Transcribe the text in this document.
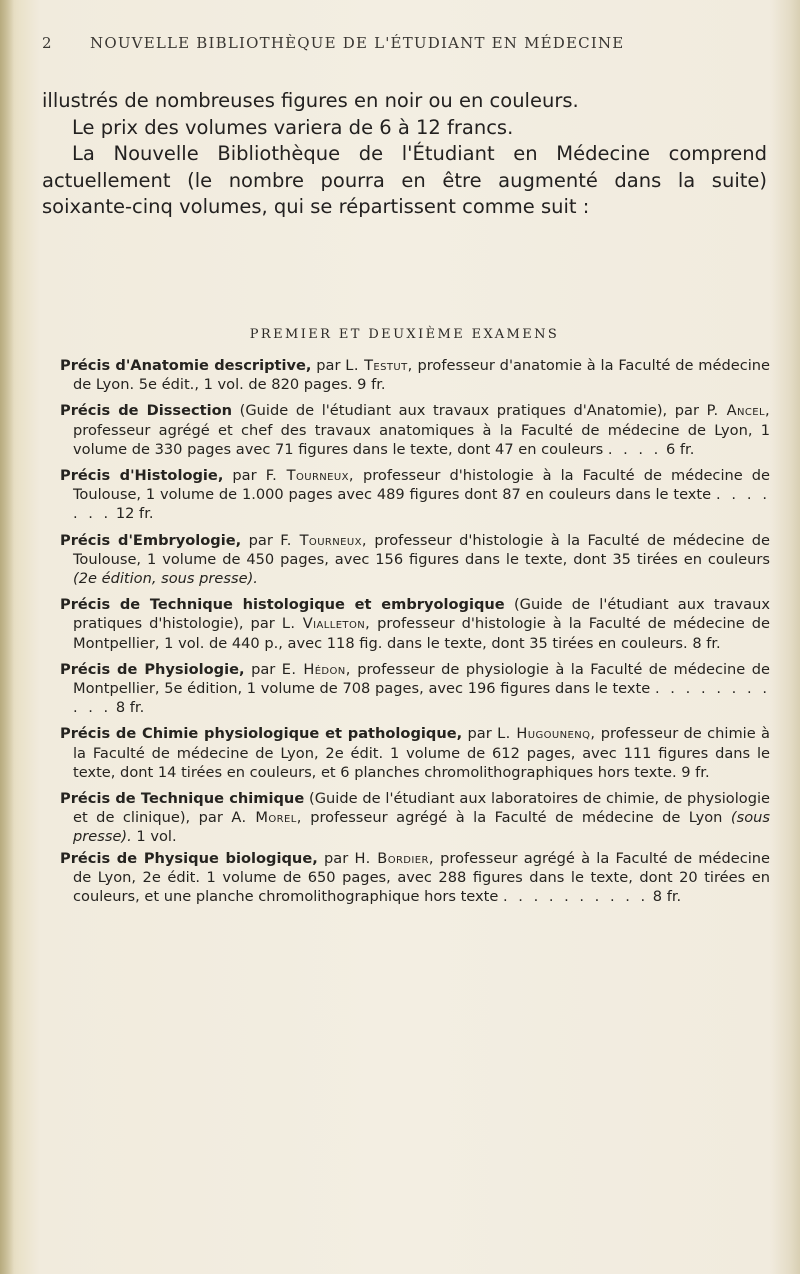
2 NOUVELLE BIBLIOTHÈQUE DE L'ÉTUDIANT EN MÉDECINE

illustrés de nombreuses figures en noir ou en couleurs.

Le prix des volumes variera de 6 à 12 francs.

La Nouvelle Bibliothèque de l'Étudiant en Médecine comprend actuellement (le nombre pourra en être augmenté dans la suite) soixante-cinq volumes, qui se répartissent comme suit :

PREMIER ET DEUXIÈME EXAMENS

Précis d'Anatomie descriptive, par L. Testut, professeur d'anatomie à la Faculté de médecine de Lyon. 5e édit., 1 vol. de 820 pages. 9 fr.

Précis de Dissection (Guide de l'étudiant aux travaux pratiques d'Anatomie), par P. Ancel, professeur agrégé et chef des travaux anatomiques à la Faculté de médecine de Lyon, 1 volume de 330 pages avec 71 figures dans le texte, dont 47 en couleurs . . . . 6 fr.

Précis d'Histologie, par F. Tourneux, professeur d'histologie à la Faculté de médecine de Toulouse, 1 volume de 1.000 pages avec 489 figures dont 87 en couleurs dans le texte . . . . . . . 12 fr.

Précis d'Embryologie, par F. Tourneux, professeur d'histologie à la Faculté de médecine de Toulouse, 1 volume de 450 pages, avec 156 figures dans le texte, dont 35 tirées en couleurs (2e édition, sous presse).

Précis de Technique histologique et embryologique (Guide de l'étudiant aux travaux pratiques d'histologie), par L. Vialleton, professeur d'histologie à la Faculté de médecine de Montpellier, 1 vol. de 440 p., avec 118 fig. dans le texte, dont 35 tirées en couleurs. 8 fr.

Précis de Physiologie, par E. Hédon, professeur de physiologie à la Faculté de médecine de Montpellier, 5e édition, 1 volume de 708 pages, avec 196 figures dans le texte . . . . . . . . . . . 8 fr.

Précis de Chimie physiologique et pathologique, par L. Hugounenq, professeur de chimie à la Faculté de médecine de Lyon, 2e édit. 1 volume de 612 pages, avec 111 figures dans le texte, dont 14 tirées en couleurs, et 6 planches chromolithographiques hors texte. 9 fr.

Précis de Technique chimique (Guide de l'étudiant aux laboratoires de chimie, de physiologie et de clinique), par A. Morel, professeur agrégé à la Faculté de médecine de Lyon (sous presse). 1 vol.

Précis de Physique biologique, par H. Bordier, professeur agrégé à la Faculté de médecine de Lyon, 2e édit. 1 volume de 650 pages, avec 288 figures dans le texte, dont 20 tirées en couleurs, et une planche chromolithographique hors texte . . . . . . . . . . 8 fr.
